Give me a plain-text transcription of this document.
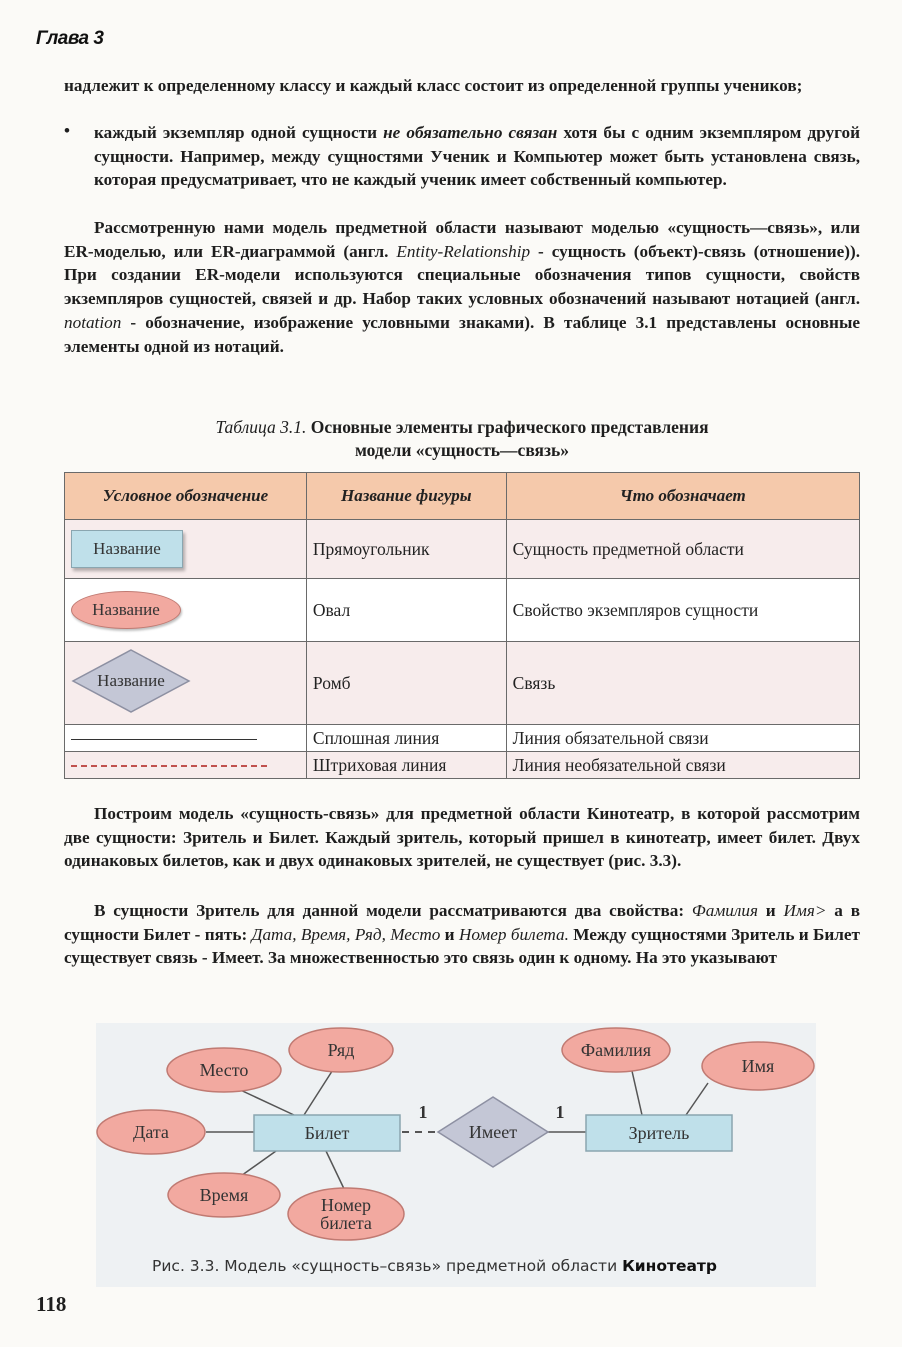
Глава 3

надлежит к определенному классу и каждый класс состоит из определенной группы учеников;

• каждый экземпляр одной сущности не обязательно связан хотя бы с одним экземпляром другой сущности. Например, между сущностями Ученик и Компьютер может быть установлена связь, которая предусматривает, что не каждый ученик имеет собственный компьютер.

Рассмотренную нами модель предметной области называют моделью «сущность—связь», или ER-моделью, или ER-диаграммой (англ. Entity-Relationship - сущность (объект)-связь (отношение)). При создании ER-модели используются специальные обозначения типов сущности, свойств экземпляров сущностей, связей и др. Набор таких условных обозначений называют нотацией (англ. notation - обозначение, изображение условными знаками). В таблице 3.1 представлены основные элементы одной из нотаций.

Таблица 3.1. Основные элементы графического представления
модели «сущность—связь»
Условное обозначение	Название фигуры	Что обозначает
Название	Прямоугольник	Сущность предметной области
Название	Овал	Свойство экземпляров сущности

Название	Ромб	Связь
	Сплошная линия	Линия обязательной связи
	Штриховая линия	Линия необязательной связи

Построим модель «сущность-связь» для предметной области Кинотеатр, в которой рассмотрим две сущности: Зритель и Билет. Каждый зритель, который пришел в кинотеатр, имеет билет. Двух одинаковых билетов, как и двух одинаковых зрителей, не существует (рис. 3.3).

В сущности Зритель для данной модели рассматриваются два свойства: Фамилия и Имя> а в сущности Билет - пять: Дата, Время, Ряд, Место и Номер билета. Между сущностями Зритель и Билет существует связь - Имеет. За множественностью это связь один к одному. На это указывают

Место
Ряд
Дата
Время	Номер
билета
Фамилия
Имя
Билет	Зритель
Имеет
1	1
Рис. 3.3. Модель «сущность–связь» предметной области Кинотеатр
118
